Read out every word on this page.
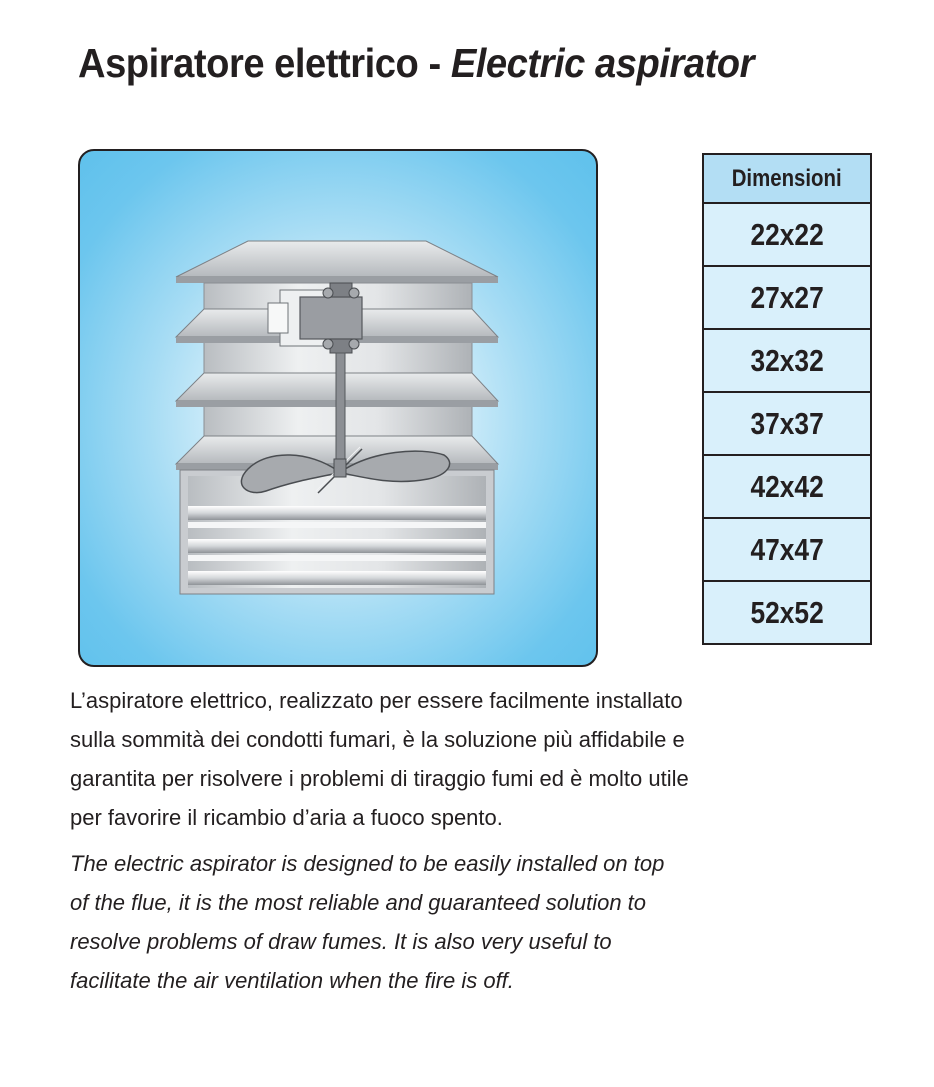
Aspiratore elettrico - Electric aspirator
Dimensioni
22x22
27x27
32x32
37x37
42x42
47x47
52x52
L’aspiratore elettrico, realizzato per essere facilmente installato
sulla sommità dei condotti fumari, è la soluzione più affidabile e
garantita per risolvere i problemi di tiraggio fumi ed è molto utile
per favorire il ricambio d’aria a fuoco spento.
The electric aspirator is designed to be easily installed on top
of the flue, it is the most reliable and guaranteed solution to
resolve problems of draw fumes. It is also very useful to
facilitate the air ventilation when the fire is off.
